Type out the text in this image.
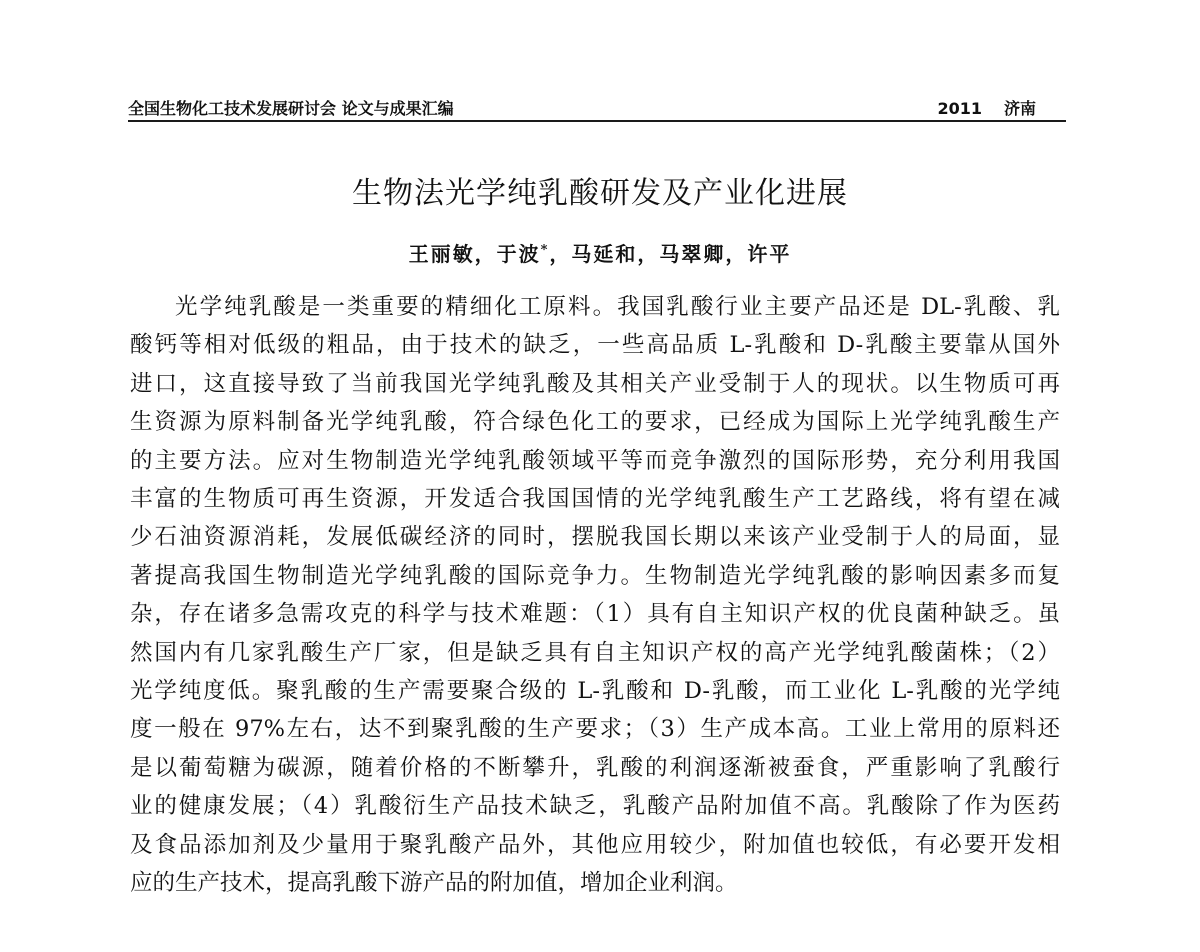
全国生物化工技术发展研讨会 论文与成果汇编	2011 济南
生物法光学纯乳酸研发及产业化进展
王丽敏，于波*，马延和，马翠卿，许平
光学纯乳酸是一类重要的精细化工原料。我国乳酸行业主要产品还是 DL-乳酸、乳
酸钙等相对低级的粗品，由于技术的缺乏，一些高品质 L-乳酸和 D-乳酸主要靠从国外
进口，这直接导致了当前我国光学纯乳酸及其相关产业受制于人的现状。以生物质可再
生资源为原料制备光学纯乳酸，符合绿色化工的要求，已经成为国际上光学纯乳酸生产
的主要方法。应对生物制造光学纯乳酸领域平等而竞争激烈的国际形势，充分利用我国
丰富的生物质可再生资源，开发适合我国国情的光学纯乳酸生产工艺路线，将有望在减
少石油资源消耗，发展低碳经济的同时，摆脱我国长期以来该产业受制于人的局面，显
著提高我国生物制造光学纯乳酸的国际竞争力。生物制造光学纯乳酸的影响因素多而复
杂，存在诸多急需攻克的科学与技术难题：（1）具有自主知识产权的优良菌种缺乏。虽
然国内有几家乳酸生产厂家，但是缺乏具有自主知识产权的高产光学纯乳酸菌株；（2）
光学纯度低。聚乳酸的生产需要聚合级的 L-乳酸和 D-乳酸，而工业化 L-乳酸的光学纯
度一般在 97%左右，达不到聚乳酸的生产要求；（3）生产成本高。工业上常用的原料还
是以葡萄糖为碳源，随着价格的不断攀升，乳酸的利润逐渐被蚕食，严重影响了乳酸行
业的健康发展；（4）乳酸衍生产品技术缺乏，乳酸产品附加值不高。乳酸除了作为医药
及食品添加剂及少量用于聚乳酸产品外，其他应用较少，附加值也较低，有必要开发相
应的生产技术，提高乳酸下游产品的附加值，增加企业利润。
